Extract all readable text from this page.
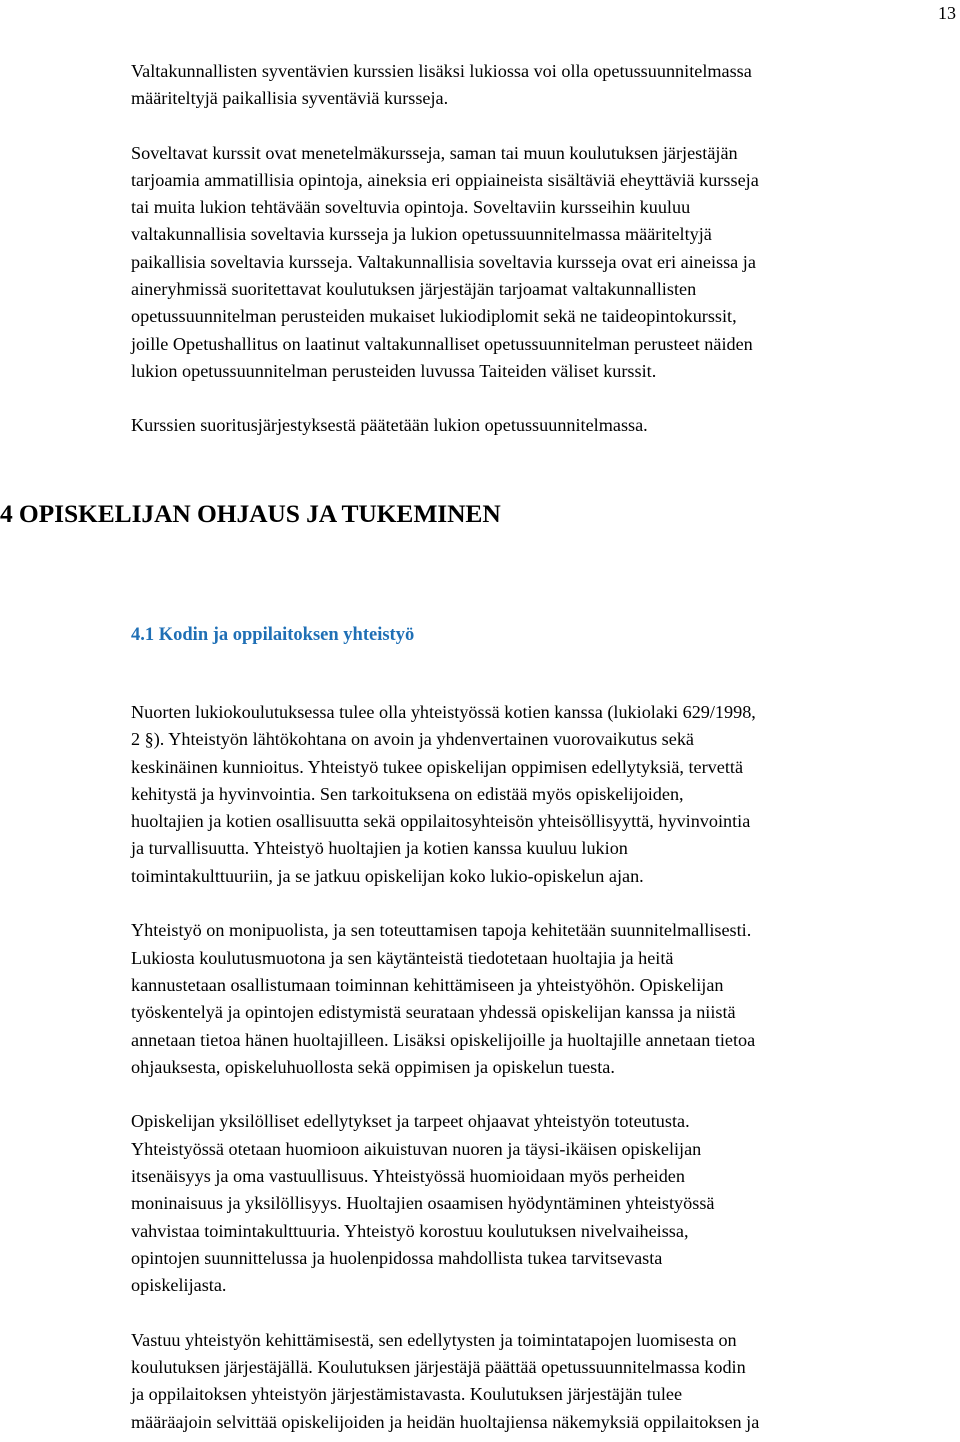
13

Valtakunnallisten syventävien kurssien lisäksi lukiossa voi olla opetussuunnitelmassa
määriteltyjä paikallisia syventäviä kursseja.

Soveltavat kurssit ovat menetelmäkursseja, saman tai muun koulutuksen järjestäjän
tarjoamia ammatillisia opintoja, aineksia eri oppiaineista sisältäviä eheyttäviä kursseja
tai muita lukion tehtävään soveltuvia opintoja. Soveltaviin kursseihin kuuluu
valtakunnallisia soveltavia kursseja ja lukion opetussuunnitelmassa määriteltyjä
paikallisia soveltavia kursseja. Valtakunnallisia soveltavia kursseja ovat eri aineissa ja
aineryhmissä suoritettavat koulutuksen järjestäjän tarjoamat valtakunnallisten
opetussuunnitelman perusteiden mukaiset lukiodiplomit sekä ne taideopintokurssit,
joille Opetushallitus on laatinut valtakunnalliset opetussuunnitelman perusteet näiden
lukion opetussuunnitelman perusteiden luvussa Taiteiden väliset kurssit.

Kurssien suoritusjärjestyksestä päätetään lukion opetussuunnitelmassa.

4 OPISKELIJAN OHJAUS JA TUKEMINEN
4.1 Kodin ja oppilaitoksen yhteistyö

Nuorten lukiokoulutuksessa tulee olla yhteistyössä kotien kanssa (lukiolaki 629/1998,
2 §). Yhteistyön lähtökohtana on avoin ja yhdenvertainen vuorovaikutus sekä
keskinäinen kunnioitus. Yhteistyö tukee opiskelijan oppimisen edellytyksiä, tervettä
kehitystä ja hyvinvointia. Sen tarkoituksena on edistää myös opiskelijoiden,
huoltajien ja kotien osallisuutta sekä oppilaitosyhteisön yhteisöllisyyttä, hyvinvointia
ja turvallisuutta. Yhteistyö huoltajien ja kotien kanssa kuuluu lukion
toimintakulttuuriin, ja se jatkuu opiskelijan koko lukio-opiskelun ajan.

Yhteistyö on monipuolista, ja sen toteuttamisen tapoja kehitetään suunnitelmallisesti.
Lukiosta koulutusmuotona ja sen käytänteistä tiedotetaan huoltajia ja heitä
kannustetaan osallistumaan toiminnan kehittämiseen ja yhteistyöhön. Opiskelijan
työskentelyä ja opintojen edistymistä seurataan yhdessä opiskelijan kanssa ja niistä
annetaan tietoa hänen huoltajilleen. Lisäksi opiskelijoille ja huoltajille annetaan tietoa
ohjauksesta, opiskeluhuollosta sekä oppimisen ja opiskelun tuesta.

Opiskelijan yksilölliset edellytykset ja tarpeet ohjaavat yhteistyön toteutusta.
Yhteistyössä otetaan huomioon aikuistuvan nuoren ja täysi-ikäisen opiskelijan
itsenäisyys ja oma vastuullisuus. Yhteistyössä huomioidaan myös perheiden
moninaisuus ja yksilöllisyys. Huoltajien osaamisen hyödyntäminen yhteistyössä
vahvistaa toimintakulttuuria. Yhteistyö korostuu koulutuksen nivelvaiheissa,
opintojen suunnittelussa ja huolenpidossa mahdollista tukea tarvitsevasta
opiskelijasta.

Vastuu yhteistyön kehittämisestä, sen edellytysten ja toimintatapojen luomisesta on
koulutuksen järjestäjällä. Koulutuksen järjestäjä päättää opetussuunnitelmassa kodin
ja oppilaitoksen yhteistyön järjestämistavasta. Koulutuksen järjestäjän tulee
määräajoin selvittää opiskelijoiden ja heidän huoltajiensa näkemyksiä oppilaitoksen ja
